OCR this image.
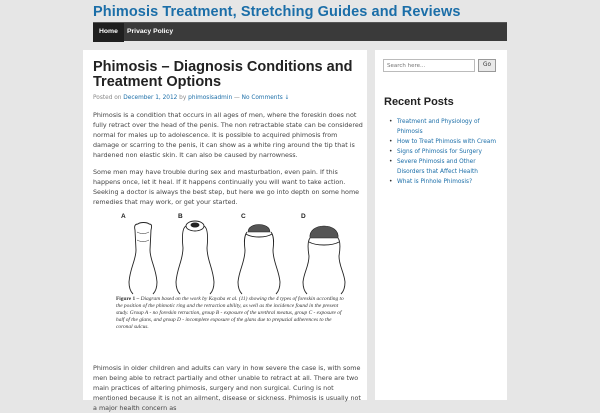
Phimosis Treatment, Stretching Guides and Reviews
Home	Privacy Policy
Phimosis – Diagnosis Conditions and
Treatment Options
Posted on December 1, 2012 by phimosisadmin — No Comments ↓

Phimosis is a condition that occurs in all ages of men, where the foreskin does not fully retract over the head of the penis. The non retractable state can be considered normal for males up to adolescence. It is possible to acquired phimosis from damage or scarring to the penis, it can show as a white ring around the tip that is hardened non elastic skin. It can also be caused by narrowness.

Some men may have trouble during sex and masturbation, even pain. If this happens once, let it heal. If it happens continually you will want to take action. Seeking a doctor is always the best step, but here we go into depth on some home remedies that may work, or get your started.

A	B	C	D
Figure 1 – Diagram based on the work by Kayaba et al. (11) showing the 4 types of foreskin according to the position of the phimotic ring and the retraction ability, as well as the incidence found in the present study. Group A - no foreskin retraction, group B - exposure of the urethral meatus, group C - exposure of half of the glans, and group D - incomplete exposure of the glans due to prepuzial adherences to the coronal sulcus.

Phimosis in older children and adults can vary in how severe the case is, with some men being able to retract partially and other unable to retract at all. There are two main practices of altering phimosis, surgery and non surgical. Curing is not mentioned because it is not an ailment, disease or sickness. Phimosis is usually not a major health concern as

Search here...
Go
Recent Posts
• Treatment and Physiology of
Phimosis
• How to Treat Phimosis with Cream
• Signs of Phimosis for Surgery
• Severe Phimosis and Other
Disorders that Affect Health
• What is Pinhole Phimosis?
